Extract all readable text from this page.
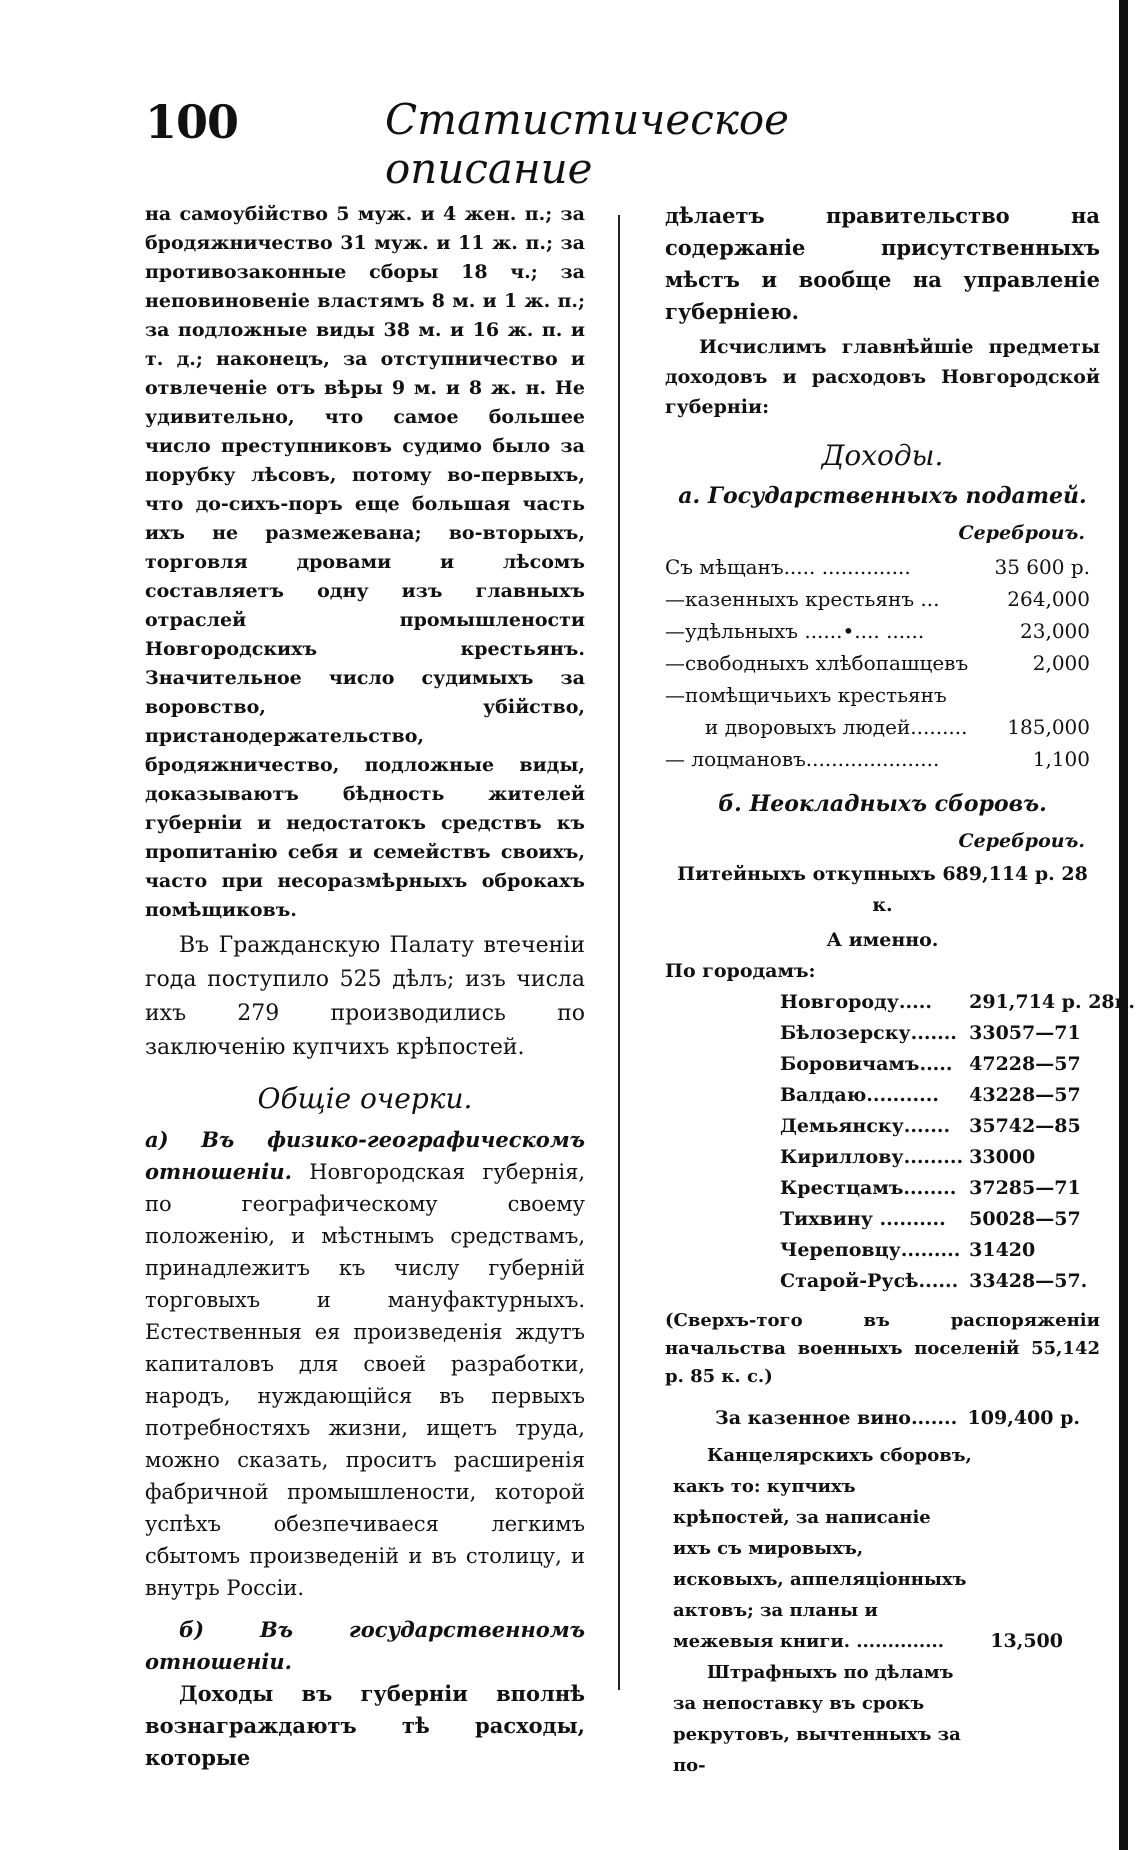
100	Статистическое описание

на самоубійство 5 муж. и 4 жен. п.; за бродяжничество 31 муж. и 11 ж. п.; за противозаконные сборы 18 ч.; за неповиновеніе властямъ 8 м. и 1 ж. п.; за подложные виды 38 м. и 16 ж. п. и т. д.; наконецъ, за отступничество и отвлеченіе отъ вѣры 9 м. и 8 ж. н. Не удивительно, что самое большее число преступниковъ судимо было за порубку лѣсовъ, потому во-первыхъ, что до-сихъ-поръ еще большая часть ихъ не размежевана; во-вторыхъ, торговля дровами и лѣсомъ составляетъ одну изъ главныхъ отраслей промышлености Новгородскихъ крестьянъ. Значительное число судимыхъ за воровство, убійство, пристанодержательство, бродяжничество, подложные виды, доказываютъ бѣдность жителей губерніи и недостатокъ средствъ къ пропитанію себя и семействъ своихъ, часто при несоразмѣрныхъ оброкахъ помѣщиковъ.

Въ Гражданскую Палату втеченіи года поступило 525 дѣлъ; изъ числа ихъ 279 производились по заключенію купчихъ крѣпостей.

Общіе очерки.

а) Въ физико-географическомъ отношеніи. Новгородская губернія, по географическому своему положенію, и мѣстнымъ средствамъ, принадлежитъ къ числу губерній торговыхъ и мануфактурныхъ. Естественныя ея произведенія ждутъ капиталовъ для своей разработки, народъ, нуждающійся въ первыхъ потребностяхъ жизни, ищетъ труда, можно сказать, проситъ расширенія фабричной промышлености, которой успѣхъ обезпечиваеся легкимъ сбытомъ произведеній и въ столицу, и внутрь Россіи.

б) Въ государственномъ отношеніи.

Доходы въ губерніи вполнѣ вознаграждаютъ тѣ расходы, которые

дѣлаетъ правительство на содержаніе присутственныхъ мѣстъ и вообще на управленіе губерніею.

Исчислимъ главнѣйшіе предметы доходовъ и расходовъ Новгородской губерніи:

Доходы.
а. Государственныхъ податей.
Сереброиъ.
Съ мѣщанъ..... ..............	35 600 р.
—казенныхъ крестьянъ ...	264,000
—удѣльныхъ ......•.... ......	23,000
—свободныхъ хлѣбопашцевъ	2,000
—помѣщичьихъ крестьянъ	
и дворовыхъ людей.........	185,000
— лоцмановъ.....................	1,100
б. Неокладныхъ сборовъ.
Сереброиъ.

Питейныхъ откупныхъ 689,114 р. 28 к.

А именно.

По городамъ:

Новгороду.....	291,714 р. 28к.
Бѣлозерску.......	33057—71
Боровичамъ.....	47228—57
Валдаю...........	43228—57
Демьянску.......	35742—85
Кириллову.........	33000
Крестцамъ........	37285—71
Тихвину ..........	50028—57
Череповцу.........	31420
Старой-Русѣ......	33428—57.

(Сверхъ-того въ распоряженіи начальства военныхъ поселеній 55,142 р. 85 к. с.)

За казенное вино....... 109,400 р.

Канцелярскихъ сборовъ, какъ то: купчихъ крѣпостей, за написаніе ихъ съ мировыхъ, исковыхъ, аппеляціонныхъ актовъ; за планы и межевыя книги. ..............	13,500

Штрафныхъ по дѣламъ за непоставку въ срокъ рекрутовъ, вычтенныхъ за по-
